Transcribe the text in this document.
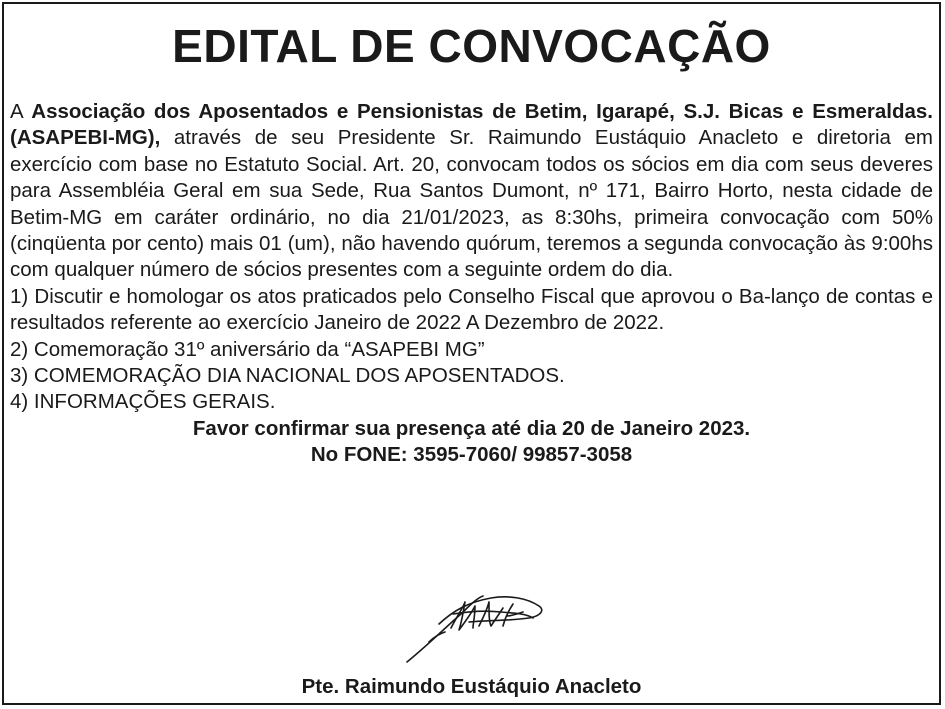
EDITAL DE CONVOCAÇÃO

A Associação dos Aposentados e Pensionistas de Betim, Igarapé, S.J. Bicas e Esmeraldas. (ASAPEBI-MG), através de seu Presidente Sr. Raimundo Eustáquio Anacleto e diretoria em exercício com base no Estatuto Social. Art. 20, convocam todos os sócios em dia com seus deveres para Assembléia Geral em sua Sede, Rua Santos Dumont, nº 171, Bairro Horto, nesta cidade de Betim-MG em caráter ordinário, no dia 21/01/2023, as 8:30hs, primeira convocação com 50% (cinqüenta por cento) mais 01 (um), não havendo quórum, teremos a segunda convocação às 9:00hs com qualquer número de sócios presentes com a seguinte ordem do dia.

1) Discutir e homologar os atos praticados pelo Conselho Fiscal que aprovou o Ba-lanço de contas e resultados referente ao exercício Janeiro de 2022 A Dezembro de 2022.

2) Comemoração 31º aniversário da “ASAPEBI MG”

3) COMEMORAÇÃO DIA NACIONAL DOS APOSENTADOS.

4) INFORMAÇÕES GERAIS.

Favor confirmar sua presença até dia 20 de Janeiro 2023.

No FONE: 3595-7060/ 99857-3058

Pte. Raimundo Eustáquio Anacleto
